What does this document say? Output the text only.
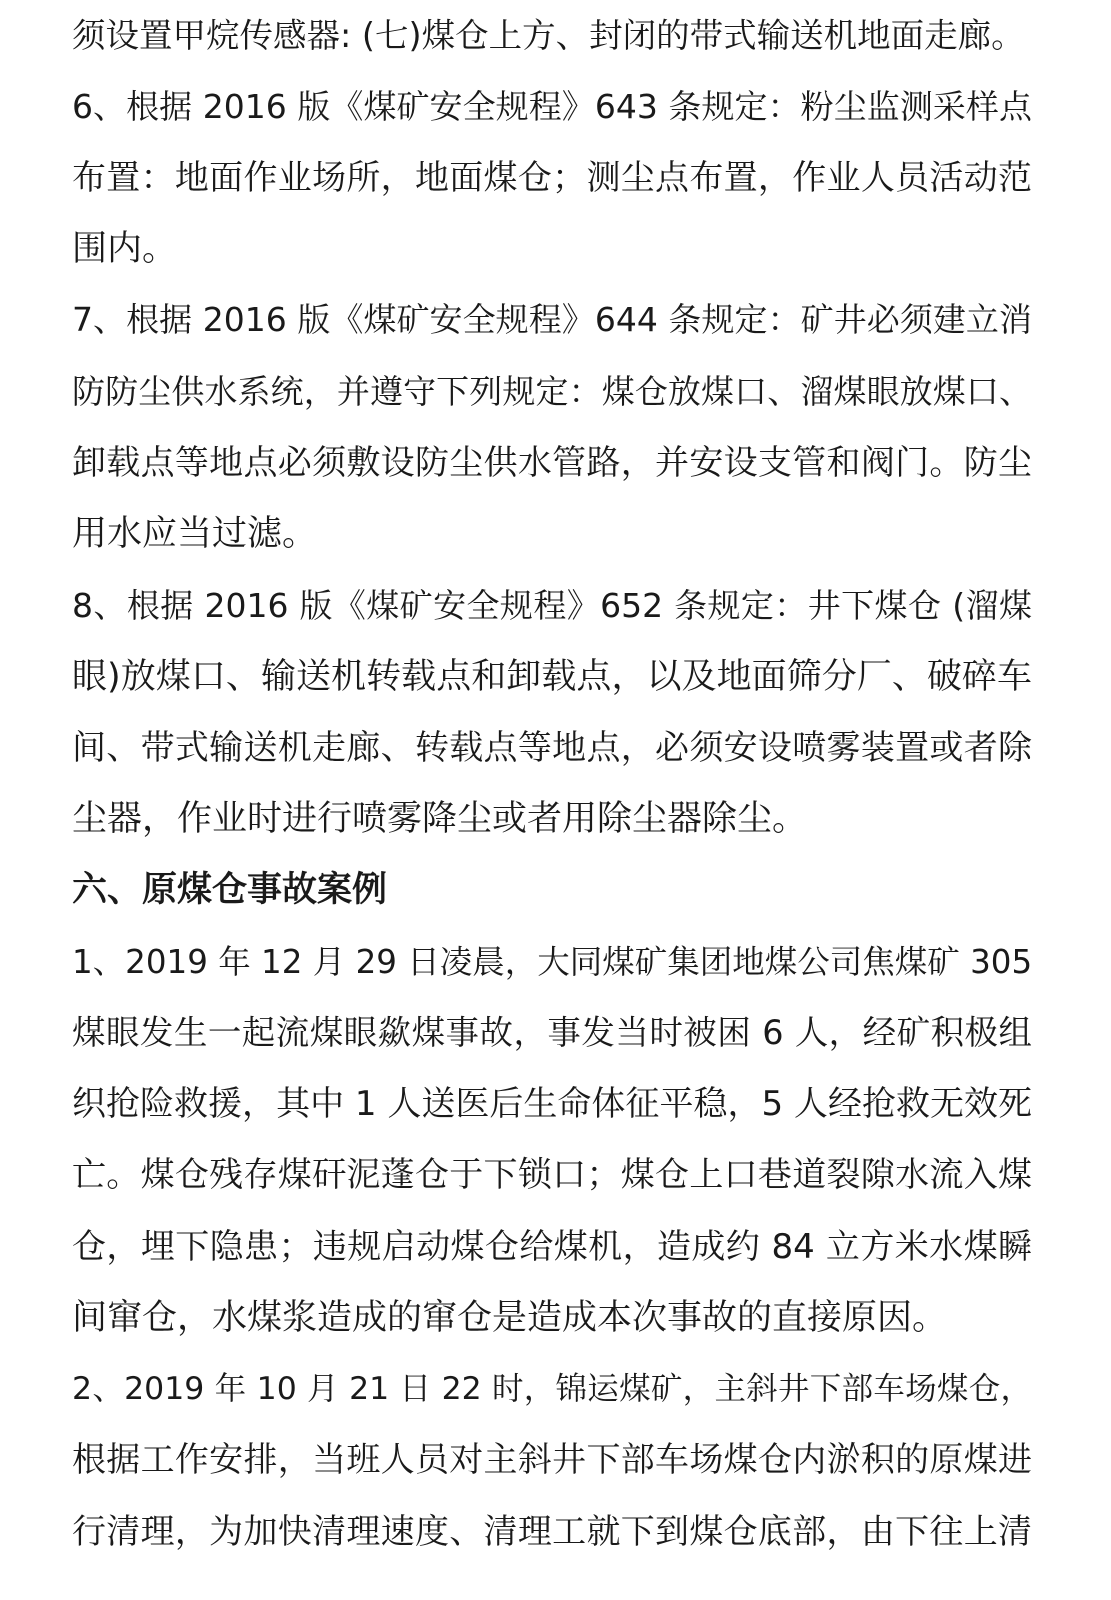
须设置甲烷传感器: (七)煤仓上方、封闭的带式输送机地面走廊。
6、根据 2016 版《煤矿安全规程》643 条规定：粉尘监测采样点
布置：地面作业场所，地面煤仓；测尘点布置，作业人员活动范
围内。
7、根据 2016 版《煤矿安全规程》644 条规定：矿井必须建立消
防防尘供水系统，并遵守下列规定：煤仓放煤口、溜煤眼放煤口、
卸载点等地点必须敷设防尘供水管路，并安设支管和阀门。防尘
用水应当过滤。
8、根据 2016 版《煤矿安全规程》652 条规定：井下煤仓 (溜煤
眼)放煤口、输送机转载点和卸载点，以及地面筛分厂、破碎车
间、带式输送机走廊、转载点等地点，必须安设喷雾装置或者除
尘器，作业时进行喷雾降尘或者用除尘器除尘。
六、原煤仓事故案例
1、2019 年 12 月 29 日凌晨，大同煤矿集团地煤公司焦煤矿 305
煤眼发生一起流煤眼歘煤事故，事发当时被困 6 人，经矿积极组
织抢险救援，其中 1 人送医后生命体征平稳，5 人经抢救无效死
亡。煤仓残存煤矸泥蓬仓于下锁口；煤仓上口巷道裂隙水流入煤
仓，埋下隐患；违规启动煤仓给煤机，造成约 84 立方米水煤瞬
间窜仓，水煤浆造成的窜仓是造成本次事故的直接原因。
2、2019 年 10 月 21 日 22 时，锦运煤矿，主斜井下部车场煤仓，
根据工作安排，当班人员对主斜井下部车场煤仓内淤积的原煤进
行清理，为加快清理速度、清理工就下到煤仓底部，由下往上清
